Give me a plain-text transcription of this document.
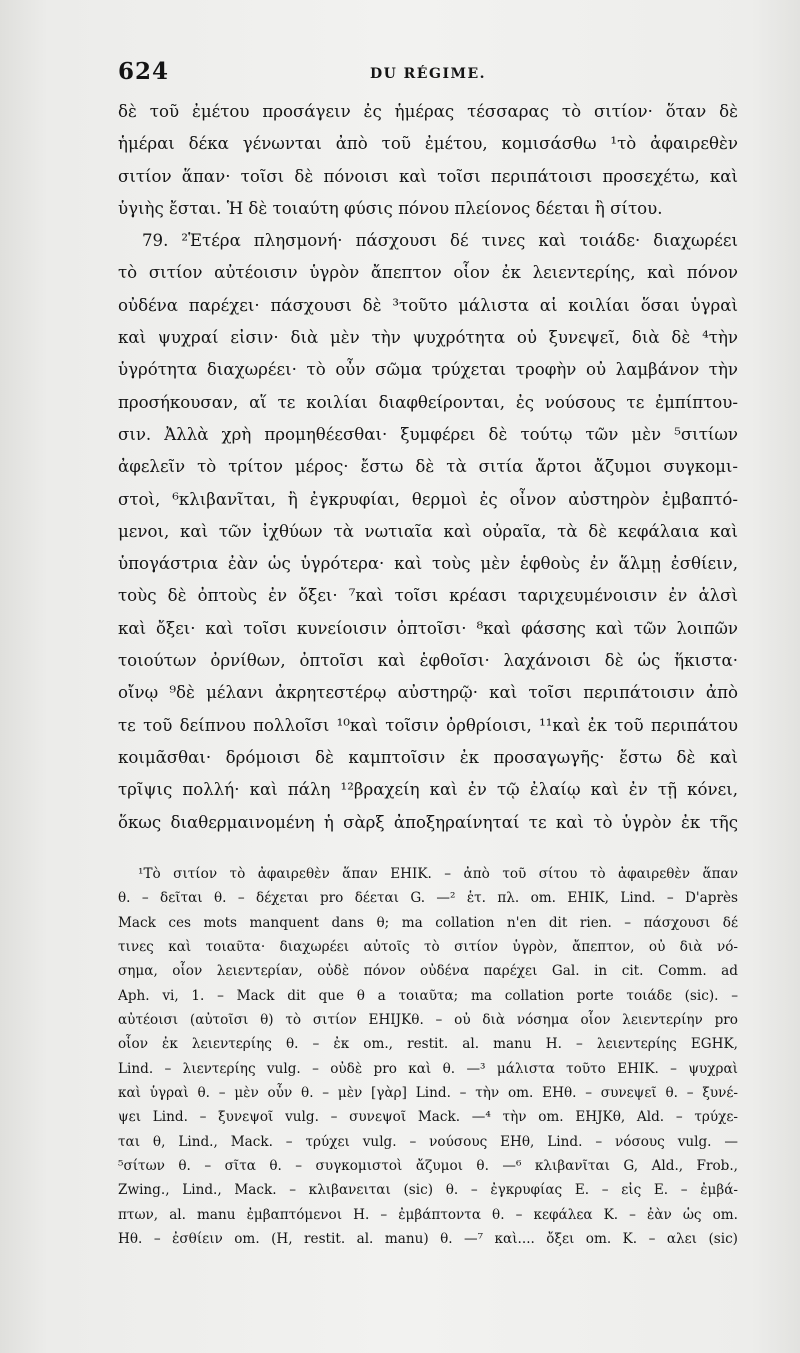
624	DU RÉGIME.
δὲ τοῦ ἐμέτου προσάγειν ἐς ἡμέρας τέσσαρας τὸ σιτίον· ὅταν δὲ
ἡμέραι δέκα γένωνται ἀπὸ τοῦ ἐμέτου, κομισάσθω ¹τὸ ἀφαιρεθὲν
σιτίον ἅπαν· τοῖσι δὲ πόνοισι καὶ τοῖσι περιπάτοισι προσεχέτω, καὶ
ὑγιὴς ἔσται. Ἡ δὲ τοιαύτη φύσις πόνου πλείονος δέεται ἢ σίτου.
79. ²Ἑτέρα πλησμονή· πάσχουσι δέ τινες καὶ τοιάδε· διαχωρέει
τὸ σιτίον αὐτέοισιν ὑγρὸν ἄπεπτον οἷον ἐκ λειεντερίης, καὶ πόνον
οὐδένα παρέχει· πάσχουσι δὲ ³τοῦτο μάλιστα αἱ κοιλίαι ὅσαι ὑγραὶ
καὶ ψυχραί εἰσιν· διὰ μὲν τὴν ψυχρότητα οὐ ξυνεψεῖ, διὰ δὲ ⁴τὴν
ὑγρότητα διαχωρέει· τὸ οὖν σῶμα τρύχεται τροφὴν οὐ λαμβάνον τὴν
προσήκουσαν, αἵ τε κοιλίαι διαφθείρονται, ἐς νούσους τε ἐμπίπτου-
σιν. Ἀλλὰ χρὴ προμηθέεσθαι· ξυμφέρει δὲ τούτῳ τῶν μὲν ⁵σιτίων
ἀφελεῖν τὸ τρίτον μέρος· ἔστω δὲ τὰ σιτία ἄρτοι ἄζυμοι συγκομι-
στοὶ, ⁶κλιβανῖται, ἢ ἐγκρυφίαι, θερμοὶ ἐς οἶνον αὐστηρὸν ἐμβαπτό-
μενοι, καὶ τῶν ἰχθύων τὰ νωτιαῖα καὶ οὐραῖα, τὰ δὲ κεφάλαια καὶ
ὑπογάστρια ἐὰν ὡς ὑγρότερα· καὶ τοὺς μὲν ἑφθοὺς ἐν ἅλμῃ ἐσθίειν,
τοὺς δὲ ὀπτοὺς ἐν ὄξει· ⁷καὶ τοῖσι κρέασι ταριχευμένοισιν ἐν ἁλσὶ
καὶ ὄξει· καὶ τοῖσι κυνείοισιν ὀπτοῖσι· ⁸καὶ φάσσης καὶ τῶν λοιπῶν
τοιούτων ὀρνίθων, ὀπτοῖσι καὶ ἑφθοῖσι· λαχάνοισι δὲ ὡς ἥκιστα·
οἴνῳ ⁹δὲ μέλανι ἀκρητεστέρῳ αὐστηρῷ· καὶ τοῖσι περιπάτοισιν ἀπὸ
τε τοῦ δείπνου πολλοῖσι ¹⁰καὶ τοῖσιν ὀρθρίοισι, ¹¹καὶ ἐκ τοῦ περιπάτου
κοιμᾶσθαι· δρόμοισι δὲ καμπτοῖσιν ἐκ προσαγωγῆς· ἔστω δὲ καὶ
τρῖψις πολλή· καὶ πάλη ¹²βραχείη καὶ ἐν τῷ ἐλαίῳ καὶ ἐν τῇ κόνει,
ὅκως διαθερμαινομένη ἡ σὰρξ ἀποξηραίνηταί τε καὶ τὸ ὑγρὸν ἐκ τῆς
¹Τὸ σιτίον τὸ ἀφαιρεθὲν ἅπαν EHIK. – ἀπὸ τοῦ σίτου τὸ ἀφαιρεθὲν ἅπαν
θ. – δεῖται θ. – δέχεται pro δέεται G. —² ἑτ. πλ. om. EHIK, Lind. – D'après
Mack ces mots manquent dans θ; ma collation n'en dit rien. – πάσχουσι δέ
τινες καὶ τοιαῦτα· διαχωρέει αὐτοῖς τὸ σιτίον ὑγρὸν, ἄπεπτον, οὐ διὰ νό-
σημα, οἷον λειεντερίαν, οὐδὲ πόνον οὐδένα παρέχει Gal. in cit. Comm. ad
Aph. vi, 1. – Mack dit que θ a τοιαῦτα; ma collation porte τοιάδε (sic). –
αὐτέοισι (αὐτοῖσι θ) τὸ σιτίον EHIJKθ. – οὐ διὰ νόσημα οἷον λειεντερίην pro
οἷον ἐκ λειεντερίης θ. – ἐκ om., restit. al. manu H. – λειεντερίης EGHK,
Lind. – λιεντερίης vulg. – οὐδὲ pro καὶ θ. —³ μάλιστα τοῦτο EHIK. – ψυχραὶ
καὶ ὑγραὶ θ. – μὲν οὖν θ. – μὲν [γὰρ] Lind. – τὴν om. EHθ. – συνεψεῖ θ. – ξυνέ-
ψει Lind. – ξυνεψοῖ vulg. – συνεψοῖ Mack. —⁴ τὴν om. EHJKθ, Ald. – τρύχε-
ται θ, Lind., Mack. – τρύχει vulg. – νούσους EHθ, Lind. – νόσους vulg. —
⁵σίτων θ. – σῖτα θ. – συγκομιστοὶ ἄζυμοι θ. —⁶ κλιβανῖται G, Ald., Frob.,
Zwing., Lind., Mack. – κλιβανειται (sic) θ. – ἐγκρυφίας E. – εἰς E. – ἐμβά-
πτων, al. manu ἐμβαπτόμενοι H. – ἐμβάπτοντα θ. – κεφάλεα K. – ἐὰν ὡς om.
Hθ. – ἐσθίειν om. (H, restit. al. manu) θ. —⁷ καὶ.... ὄξει om. K. – αλει (sic)
